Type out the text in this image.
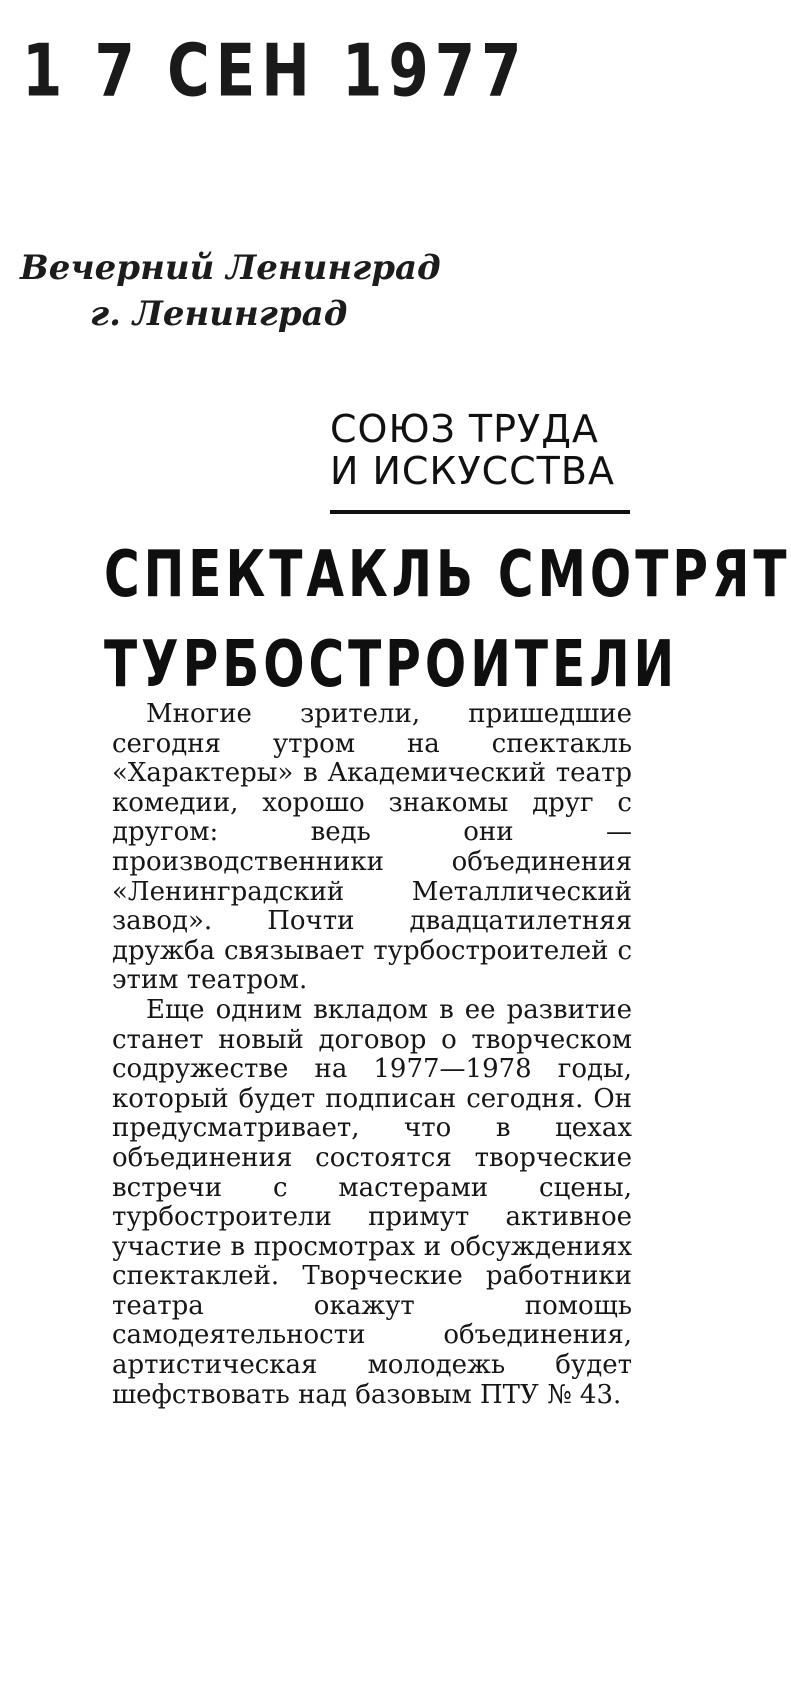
1 7 СЕН 1977
Вечерний Ленинград
г. Ленинград
СОЮЗ ТРУДА
И ИСКУССТВА
СПЕКТАКЛЬ СМОТРЯТ
ТУРБОСТРОИТЕЛИ

Многие зрители, пришедшие сегодня утром на спектакль «Характеры» в Академический театр комедии, хорошо знакомы друг с другом: ведь они — производственники объединения «Ленинградский Металлический завод». Почти двадцатилетняя дружба связывает турбостроителей с этим театром.

Еще одним вкладом в ее развитие станет новый договор о творческом содружестве на 1977—1978 годы, который будет подписан сегодня. Он предусматривает, что в цехах объединения состоятся творческие встречи с мастерами сцены, турбостроители примут активное участие в просмотрах и обсуждениях спектаклей. Творческие работники театра окажут помощь самодеятельности объединения, артистическая молодежь будет шефствовать над базовым ПТУ № 43.
